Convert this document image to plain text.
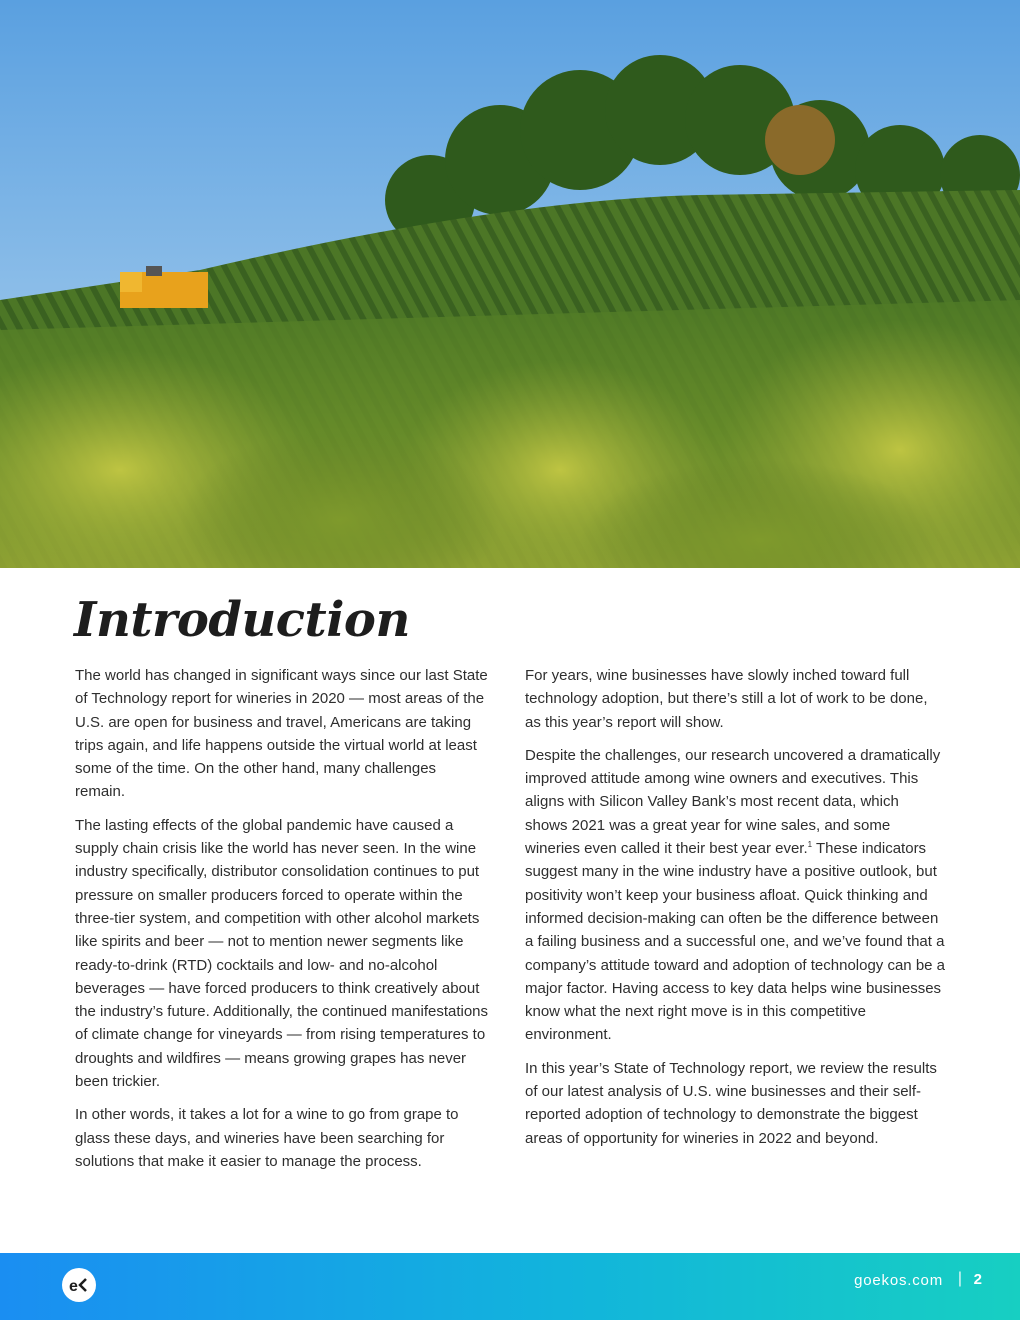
Introduction

The world has changed in significant ways since our last State of Technology report for wineries in 2020 — most areas of the U.S. are open for business and travel, Americans are taking trips again, and life happens outside the virtual world at least some of the time. On the other hand, many challenges remain.

The lasting effects of the global pandemic have caused a supply chain crisis like the world has never seen. In the wine industry specifically, distributor consolidation continues to put pressure on smaller producers forced to operate within the three-tier system, and competition with other alcohol markets like spirits and beer — not to mention newer segments like ready-to-drink (RTD) cocktails and low- and no-alcohol beverages — have forced producers to think creatively about the industry’s future. Additionally, the continued manifestations of climate change for vineyards — from rising temperatures to droughts and wildfires — means growing grapes has never been trickier.

In other words, it takes a lot for a wine to go from grape to glass these days, and wineries have been searching for solutions that make it easier to manage the process.

For years, wine businesses have slowly inched toward full technology adoption, but there’s still a lot of work to be done, as this year’s report will show.

Despite the challenges, our research uncovered a dramatically improved attitude among wine owners and executives. This aligns with Silicon Valley Bank’s most recent data, which shows 2021 was a great year for wine sales, and some wineries even called it their best year ever.$^1$ These indicators suggest many in the wine industry have a positive outlook, but positivity won’t keep your business afloat. Quick thinking and informed decision-making can often be the difference between a failing business and a successful one, and we’ve found that a company’s attitude toward and adoption of technology can be a major factor. Having access to key data helps wine businesses know what the next right move is in this competitive environment.

In this year’s State of Technology report, we review the results of our latest analysis of U.S. wine businesses and their self-reported adoption of technology to demonstrate the biggest areas of opportunity for wineries in 2022 and beyond.

e	goekos.com | 2
